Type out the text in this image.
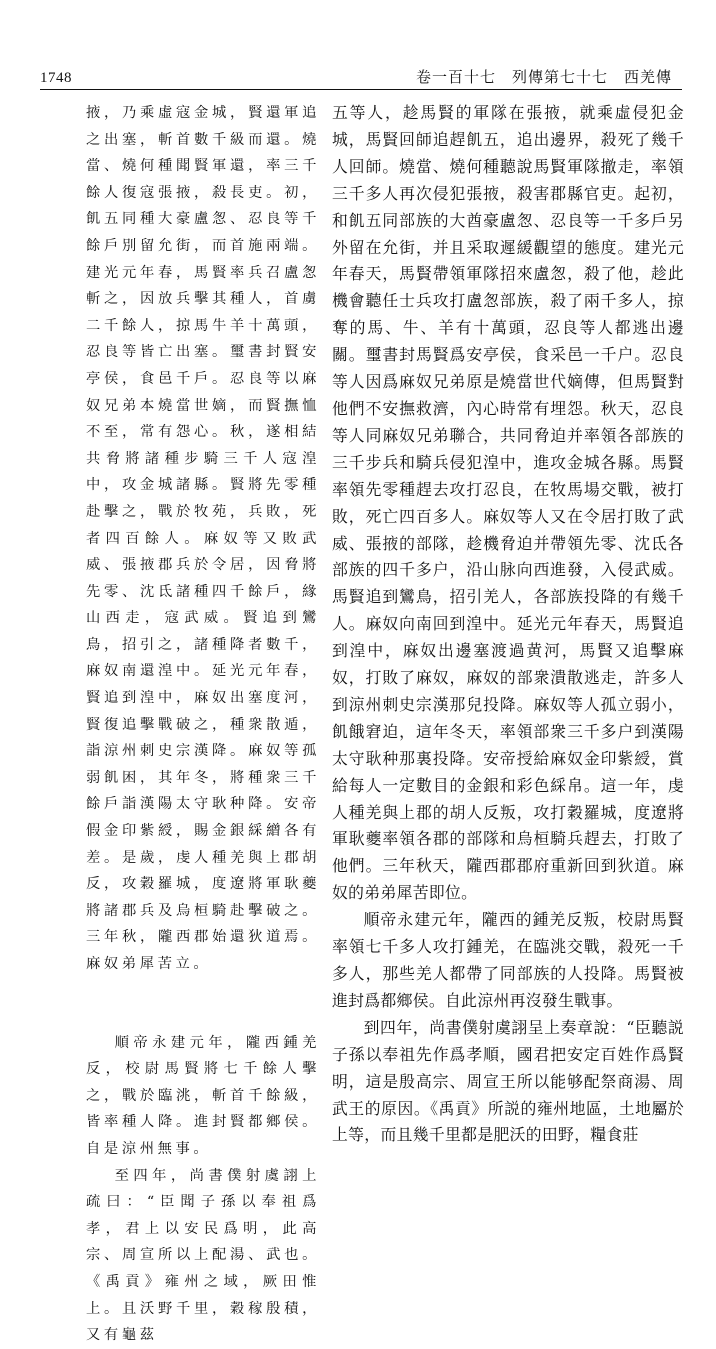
1748	卷一百十七　列傳第七十七　西羌傳

掖，乃乘虛寇金城，賢還軍追之出塞，斬首數千級而還。燒當、燒何種聞賢軍還，率三千餘人復寇張掖，殺長吏。初，飢五同種大豪盧怱、忍良等千餘戶別留允街，而首施兩端。建光元年春，馬賢率兵召盧怱斬之，因放兵擊其種人，首虜二千餘人，掠馬牛羊十萬頭，忍良等皆亡出塞。璽書封賢安亭侯，食邑千戶。忍良等以麻奴兄弟本燒當世嫡，而賢撫恤不至，常有怨心。秋，遂相結共脅將諸種步騎三千人寇湟中，攻金城諸縣。賢將先零種赴擊之，戰於牧苑，兵敗，死者四百餘人。麻奴等又敗武威、張掖郡兵於令居，因脅將先零、沈氐諸種四千餘戶，緣山西走，寇武威。賢追到鸞鳥，招引之，諸種降者數千，麻奴南還湟中。延光元年春，賢追到湟中，麻奴出塞度河，賢復追擊戰破之，種衆散遁，詣涼州刺史宗漢降。麻奴等孤弱飢困，其年冬，將種衆三千餘戶詣漢陽太守耿种降。安帝假金印紫綬，賜金銀綵繒各有差。是歲，虔人種羌與上郡胡反，攻穀羅城，度遼將軍耿夔將諸郡兵及烏桓騎赴擊破之。三年秋，隴西郡始還狄道焉。麻奴弟犀苦立。

順帝永建元年，隴西鍾羌反，校尉馬賢將七千餘人擊之，戰於臨洮，斬首千餘級，皆率種人降。進封賢都鄉侯。自是涼州無事。

至四年，尚書僕射虞詡上疏曰：“臣聞子孫以奉祖爲孝，君上以安民爲明，此高宗、周宣所以上配湯、武也。《禹貢》雍州之域，厥田惟上。且沃野千里，穀稼殷積，又有龜茲

五等人，趁馬賢的軍隊在張掖，就乘虛侵犯金城，馬賢回師追趕飢五，追出邊界，殺死了幾千人回師。燒當、燒何種聽說馬賢軍隊撤走，率領三千多人再次侵犯張掖，殺害郡縣官吏。起初，和飢五同部族的大酋豪盧怱、忍良等一千多戶另外留在允街，并且采取遲緩觀望的態度。建光元年春天，馬賢帶領軍隊招來盧怱，殺了他，趁此機會聽任士兵攻打盧怱部族，殺了兩千多人，掠奪的馬、牛、羊有十萬頭，忍良等人都逃出邊關。璽書封馬賢爲安亭侯，食采邑一千户。忍良等人因爲麻奴兄弟原是燒當世代嫡傳，但馬賢對他們不安撫救濟，內心時常有埋怨。秋天，忍良等人同麻奴兄弟聯合，共同脅迫并率領各部族的三千步兵和騎兵侵犯湟中，進攻金城各縣。馬賢率領先零種趕去攻打忍良，在牧馬場交戰，被打敗，死亡四百多人。麻奴等人又在令居打敗了武威、張掖的部隊，趁機脅迫并帶領先零、沈氐各部族的四千多户，沿山脉向西進發，入侵武威。馬賢追到鸞鳥，招引羌人，各部族投降的有幾千人。麻奴向南回到湟中。延光元年春天，馬賢追到湟中，麻奴出邊塞渡過黄河，馬賢又追擊麻奴，打敗了麻奴，麻奴的部衆潰散逃走，許多人到涼州刺史宗漢那兒投降。麻奴等人孤立弱小，飢餓窘迫，這年冬天，率領部衆三千多户到漢陽太守耿种那裏投降。安帝授給麻奴金印紫綬，賞給每人一定數目的金銀和彩色綵帛。這一年，虔人種羌與上郡的胡人反叛，攻打穀羅城，度遼將軍耿夔率領各郡的部隊和烏桓騎兵趕去，打敗了他們。三年秋天，隴西郡郡府重新回到狄道。麻奴的弟弟犀苦即位。

順帝永建元年，隴西的鍾羌反叛，校尉馬賢率領七千多人攻打鍾羌，在臨洮交戰，殺死一千多人，那些羌人都帶了同部族的人投降。馬賢被進封爲都鄉侯。自此涼州再沒發生戰事。

到四年，尚書僕射虞詡呈上奏章說：“臣聽説子孫以奉祖先作爲孝順，國君把安定百姓作爲賢明，這是殷高宗、周宣王所以能够配祭商湯、周武王的原因。《禹貢》所説的雍州地區，土地屬於上等，而且幾千里都是肥沃的田野，糧食莊
